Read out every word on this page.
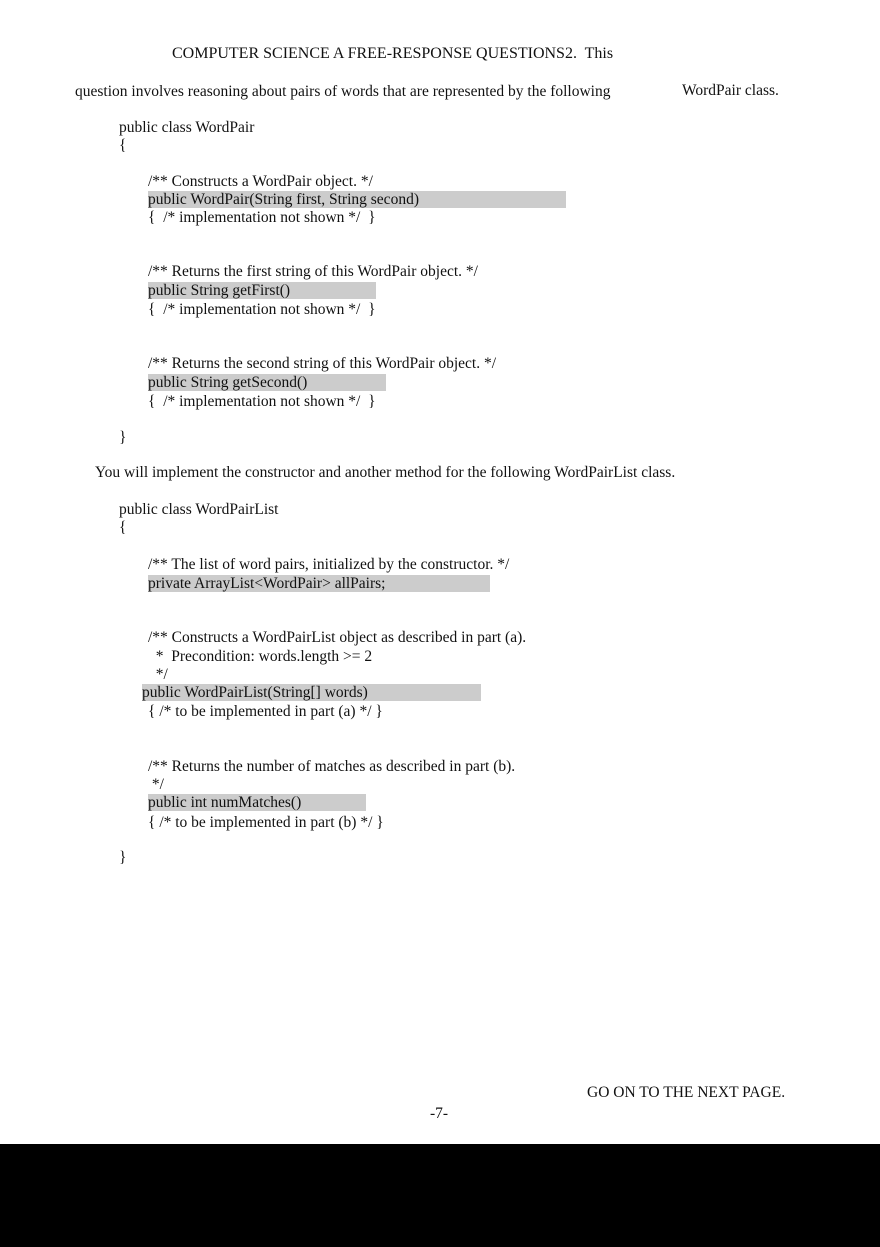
COMPUTER SCIENCE A FREE-RESPONSE QUESTIONS2.  This
question involves reasoning about pairs of words that are represented by the following	WordPair class.
public class WordPair
{
/** Constructs a WordPair object. */
public WordPair(String first, String second)
{  /* implementation not shown */  }
/** Returns the first string of this WordPair object. */
public String getFirst()
{  /* implementation not shown */  }
/** Returns the second string of this WordPair object. */
public String getSecond()
{  /* implementation not shown */  }
}
You will implement the constructor and another method for the following WordPairList class.
public class WordPairList
{
/** The list of word pairs, initialized by the constructor. */
private ArrayList<WordPair> allPairs;
/** Constructs a WordPairList object as described in part (a).
*  Precondition: words.length >= 2
*/
public WordPairList(String[] words)
{ /* to be implemented in part (a) */ }
/** Returns the number of matches as described in part (b).
*/
public int numMatches()
{ /* to be implemented in part (b) */ }
}
GO ON TO THE NEXT PAGE.
-7-
